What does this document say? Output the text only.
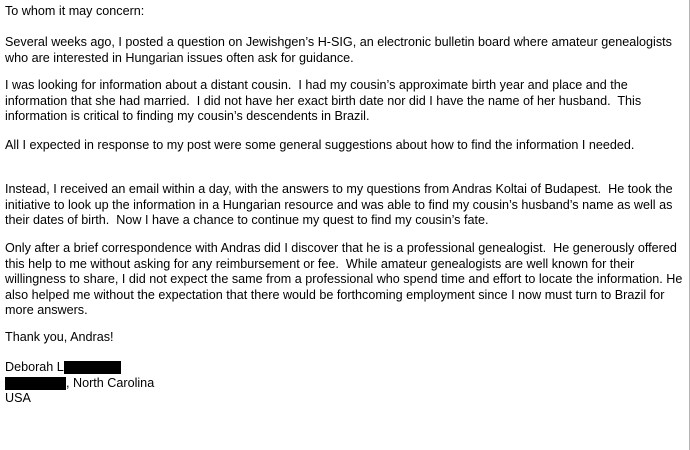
To whom it may concern:

Several weeks ago, I posted a question on Jewishgen’s H-SIG, an electronic bulletin board where amateur genealogists who are interested in Hungarian issues often ask for guidance.

I was looking for information about a distant cousin.  I had my cousin’s approximate birth year and place and the information that she had married.  I did not have her exact birth date nor did I have the name of her husband.  This information is critical to finding my cousin’s descendents in Brazil.

All I expected in response to my post were some general suggestions about how to find the information I needed.

Instead, I received an email within a day, with the answers to my questions from Andras Koltai of Budapest.  He took the initiative to look up the information in a Hungarian resource and was able to find my cousin’s husband’s name as well as their dates of birth.  Now I have a chance to continue my quest to find my cousin’s fate.

Only after a brief correspondence with Andras did I discover that he is a professional genealogist.  He generously offered this help to me without asking for any reimbursement or fee.  While amateur genealogists are well known for their willingness to share, I did not expect the same from a professional who spend time and effort to locate the information. He also helped me without the expectation that there would be forthcoming employment since I now must turn to Brazil for more answers.

Thank you, Andras!

Deborah L
, North Carolina
USA
